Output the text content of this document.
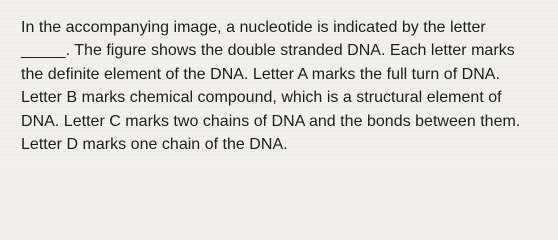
In the accompanying image, a nucleotide is indicated by the letter _____. The figure shows the double stranded DNA. Each letter marks the definite element of the DNA. Letter A marks the full turn of DNA. Letter B marks chemical compound, which is a structural element of DNA. Letter C marks two chains of DNA and the bonds between them. Letter D marks one chain of the DNA.
